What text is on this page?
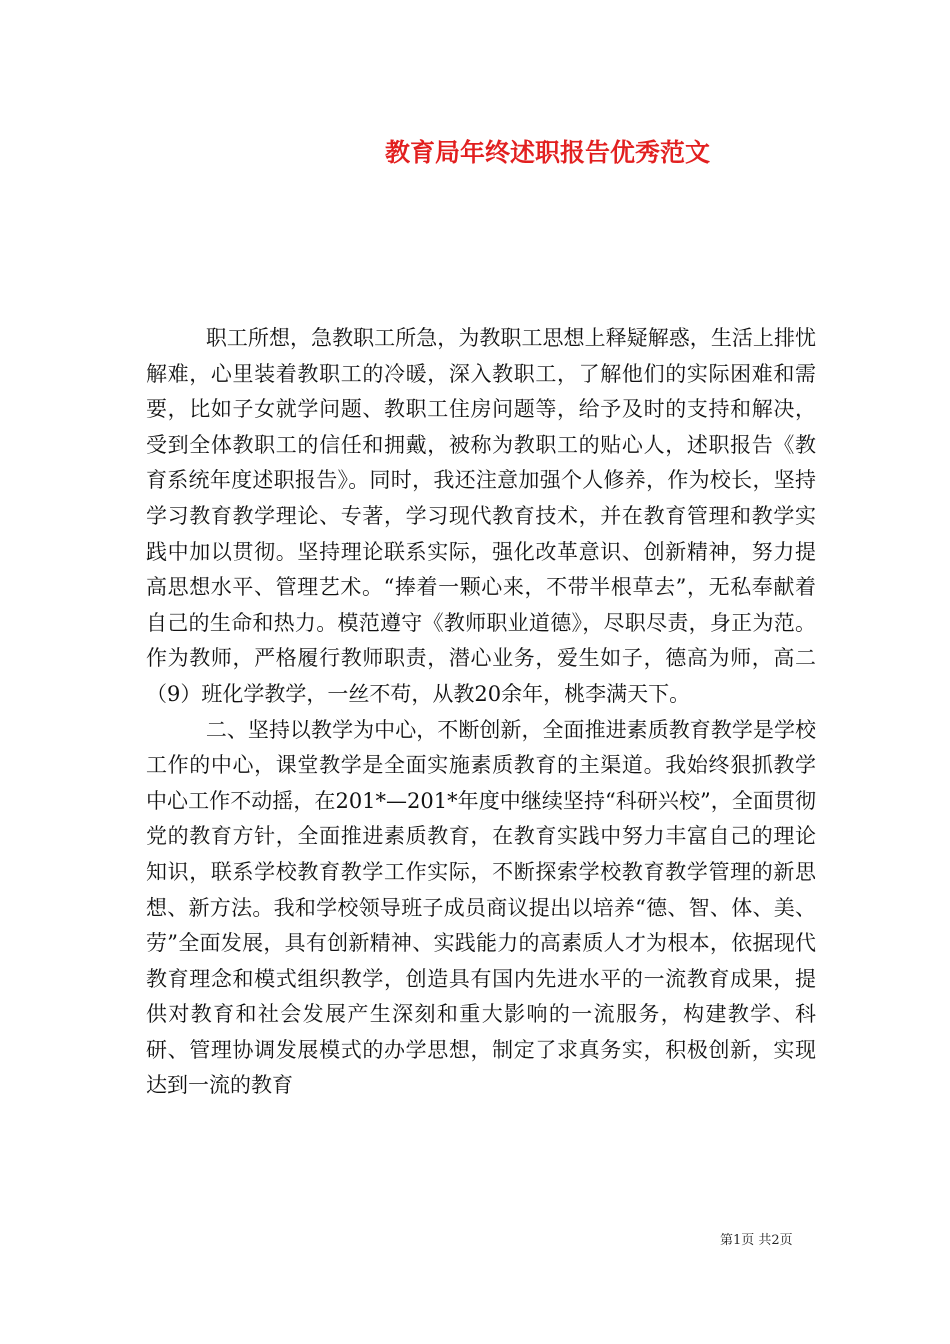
教育局年终述职报告优秀范文

职工所想，急教职工所急，为教职工思想上释疑解惑，生活上排忧解难，心里装着教职工的冷暖，深入教职工，了解他们的实际困难和需要，比如子女就学问题、教职工住房问题等，给予及时的支持和解决，受到全体教职工的信任和拥戴，被称为教职工的贴心人，述职报告《教育系统年度述职报告》。同时，我还注意加强个人修养，作为校长，坚持学习教育教学理论、专著，学习现代教育技术，并在教育管理和教学实践中加以贯彻。坚持理论联系实际，强化改革意识、创新精神，努力提高思想水平、管理艺术。“捧着一颗心来，不带半根草去”，无私奉献着自己的生命和热力。模范遵守《教师职业道德》，尽职尽责，身正为范。作为教师，严格履行教师职责，潜心业务，爱生如子，德高为师，高二（9）班化学教学，一丝不苟，从教20余年，桃李满天下。

二、坚持以教学为中心，不断创新，全面推进素质教育教学是学校工作的中心，课堂教学是全面实施素质教育的主渠道。我始终狠抓教学中心工作不动摇，在201*—201*年度中继续坚持“科研兴校”，全面贯彻党的教育方针，全面推进素质教育，在教育实践中努力丰富自己的理论知识，联系学校教育教学工作实际，不断探索学校教育教学管理的新思想、新方法。我和学校领导班子成员商议提出以培养“德、智、体、美、劳”全面发展，具有创新精神、实践能力的高素质人才为根本，依据现代教育理念和模式组织教学，创造具有国内先进水平的一流教育成果，提供对教育和社会发展产生深刻和重大影响的一流服务，构建教学、科研、管理协调发展模式的办学思想，制定了求真务实，积极创新，实现达到一流的教育

第1页 共2页
